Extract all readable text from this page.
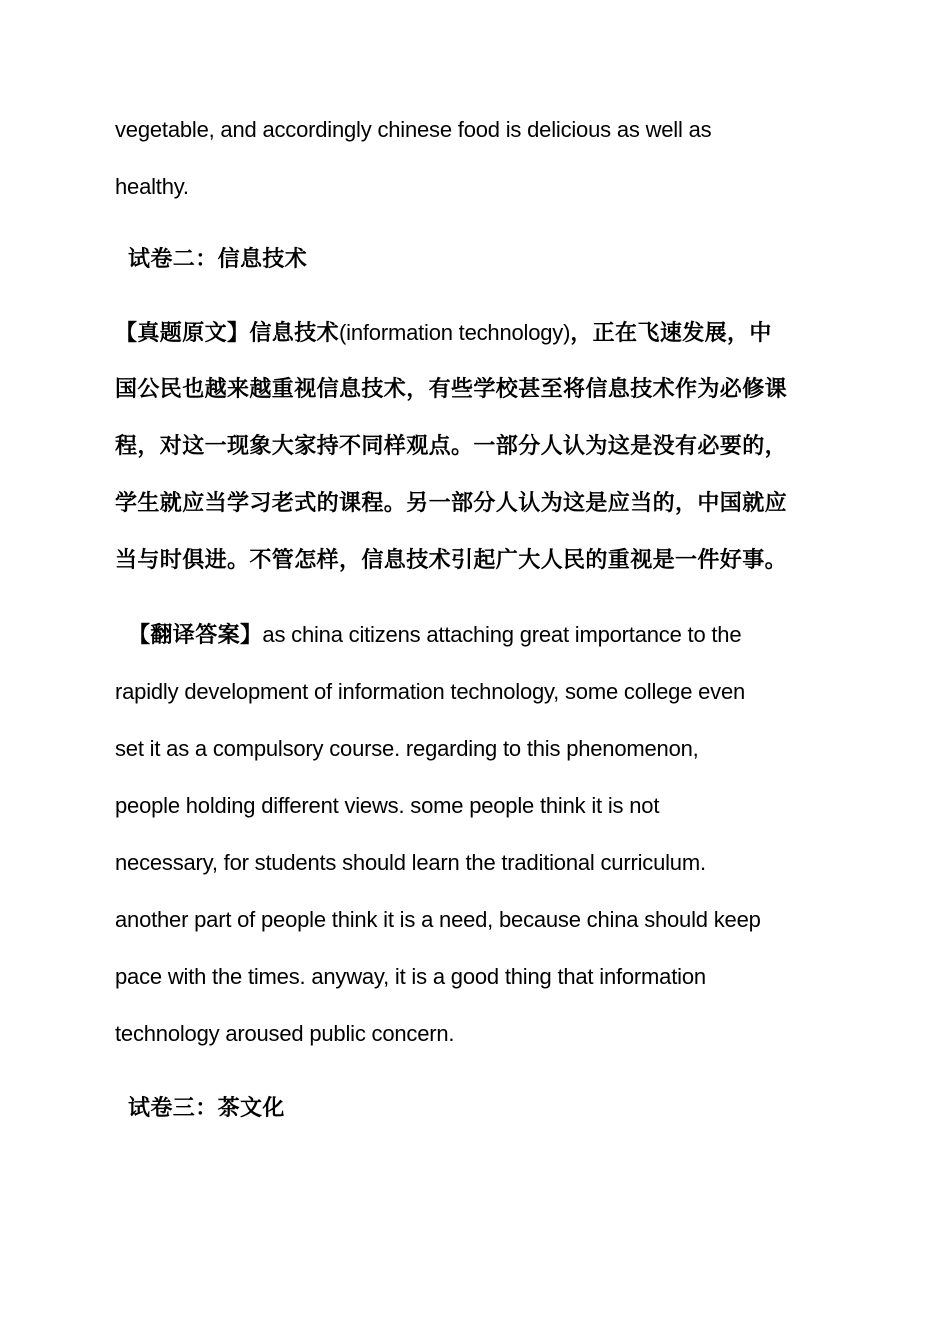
vegetable, and accordingly chinese food is delicious as well as
healthy.
试卷二：信息技术
【真题原文】信息技术(information technology)，正在飞速发展，中
国公民也越来越重视信息技术，有些学校甚至将信息技术作为必修课
程，对这一现象大家持不同样观点。一部分人认为这是没有必要的，
学生就应当学习老式的课程。另一部分人认为这是应当的，中国就应
当与时俱进。不管怎样，信息技术引起广大人民的重视是一件好事。
【翻译答案】as china citizens attaching great importance to the
rapidly development of information technology, some college even
set it as a compulsory course. regarding to this phenomenon,
people holding different views. some people think it is not
necessary, for students should learn the traditional curriculum.
another part of people think it is a need, because china should keep
pace with the times. anyway, it is a good thing that information
technology aroused public concern.
试卷三：茶文化
